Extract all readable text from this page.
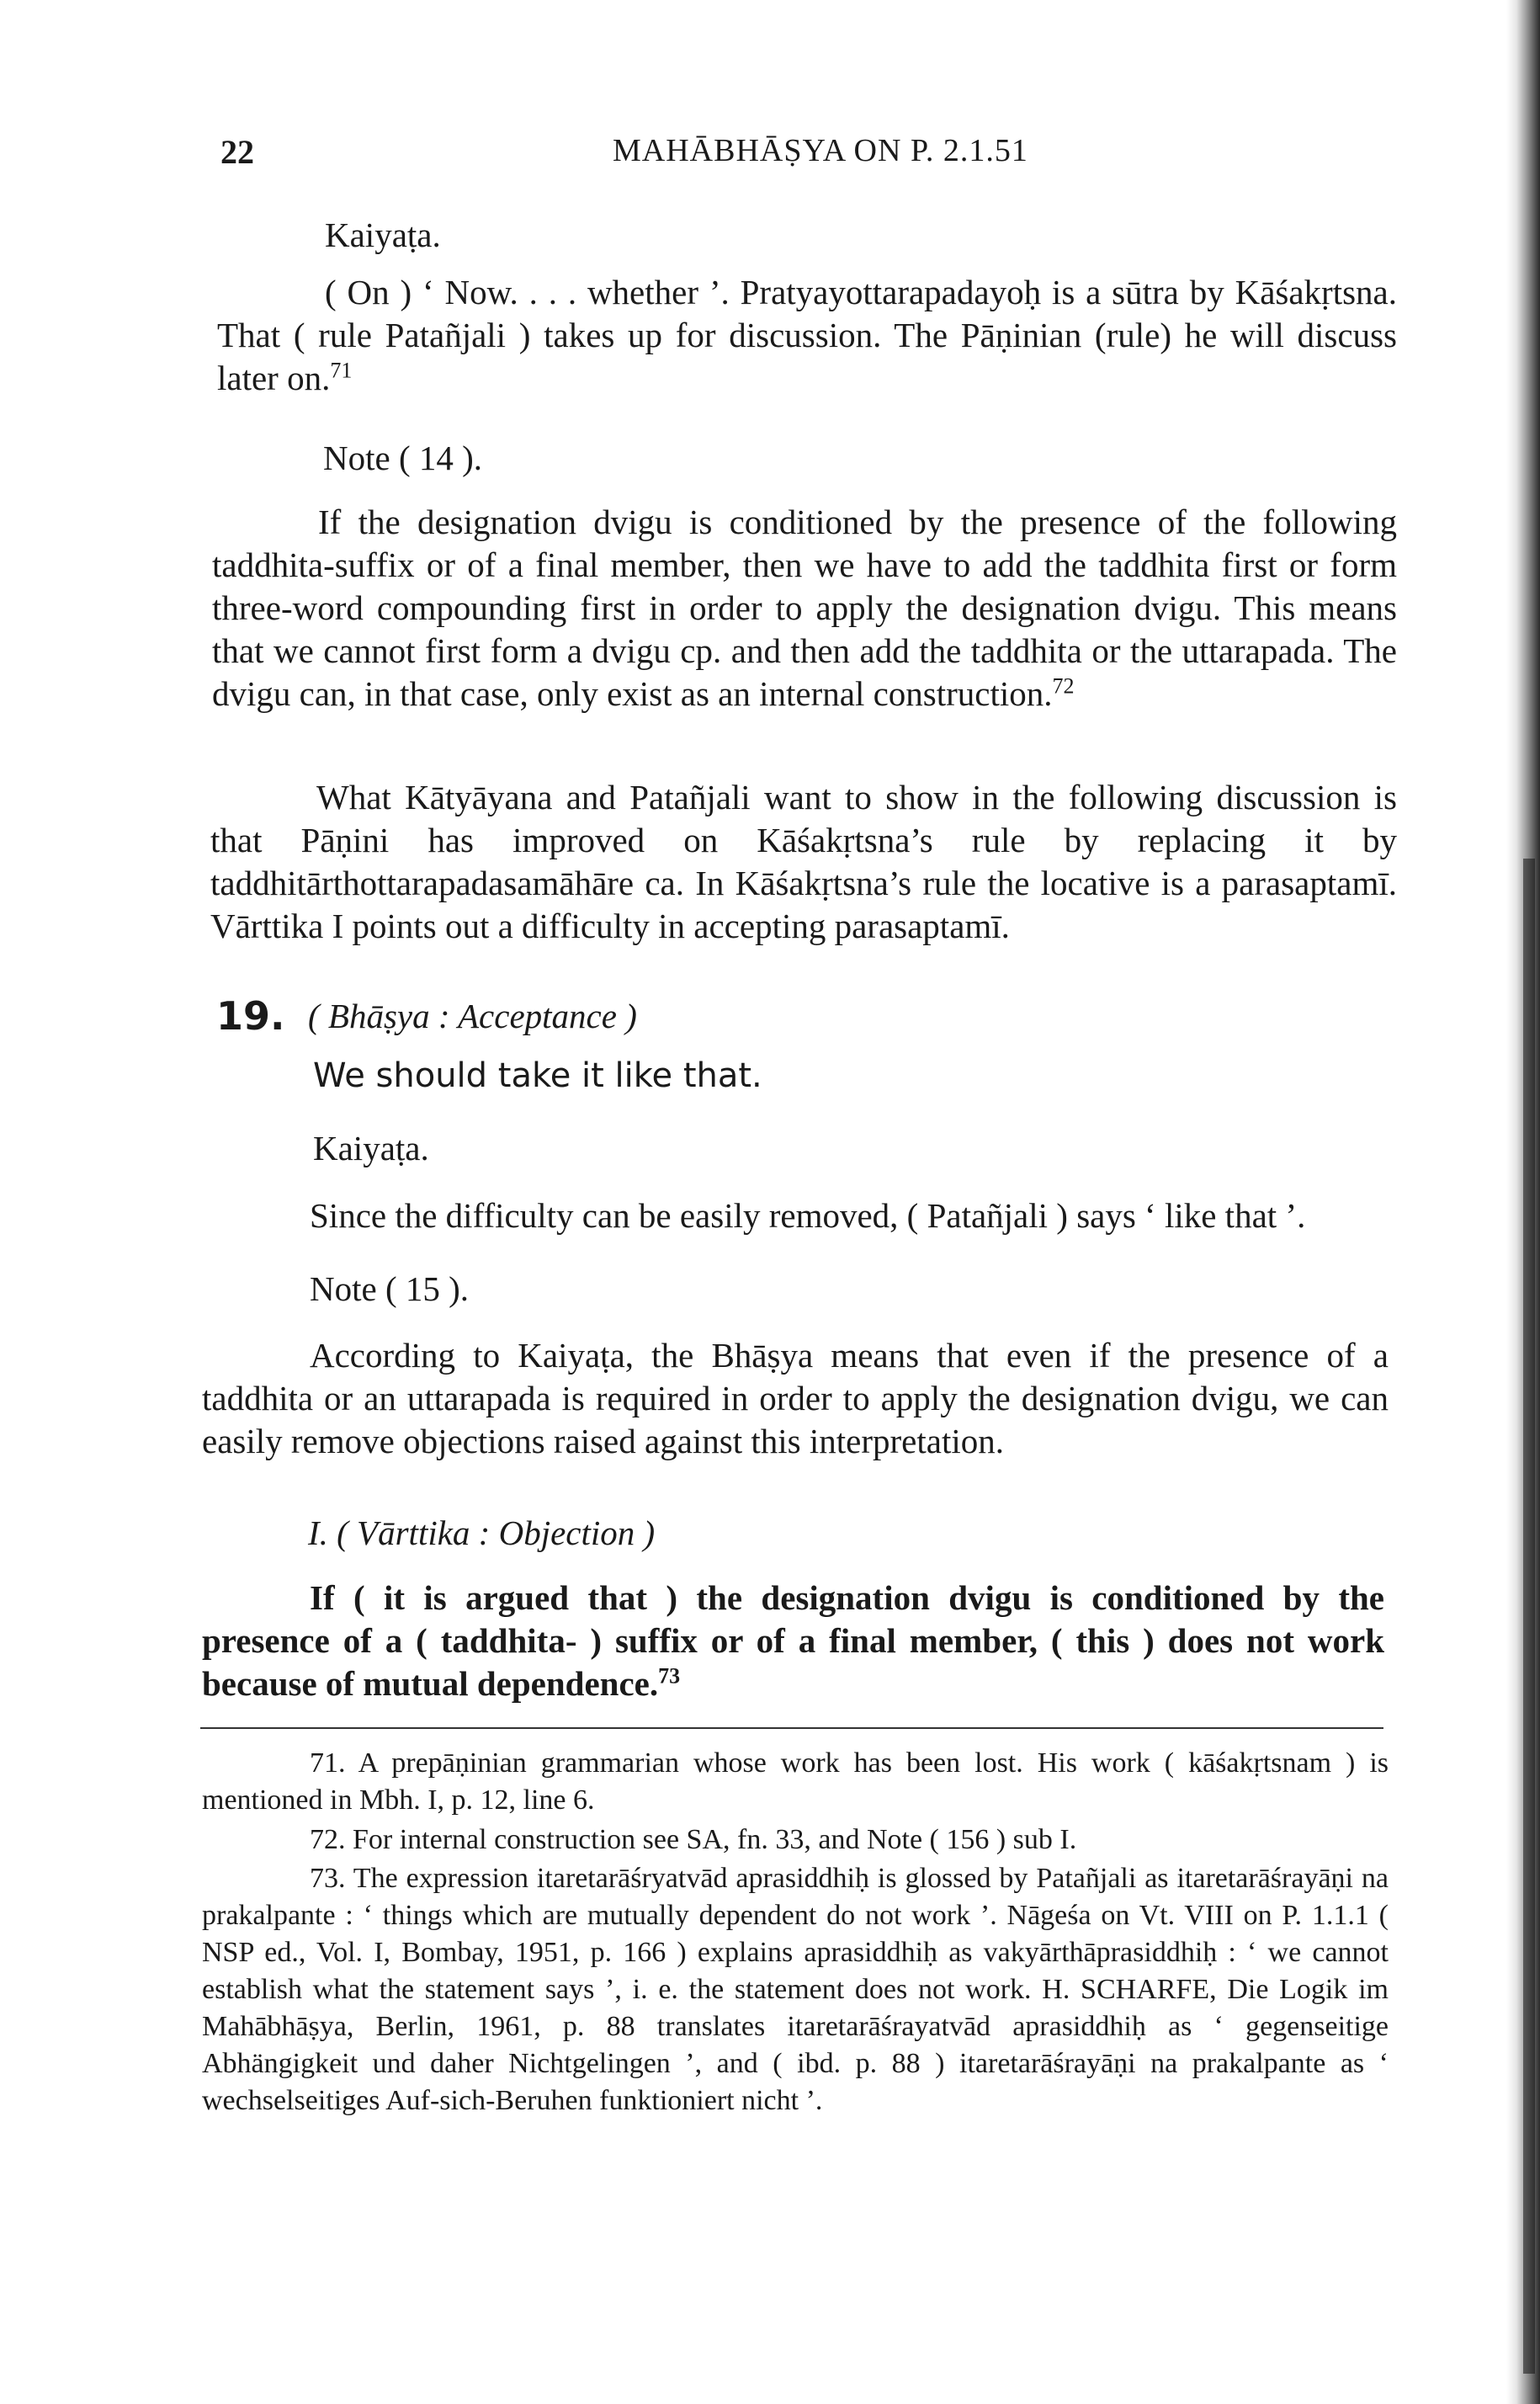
22	MAHĀBHĀṢYA ON P. 2.1.51

Kaiyaṭa.

( On ) ‘ Now. . . . whether ’. Pratyayottarapadayoḥ is a sūtra by Kāśakṛtsna. That ( rule Patañjali ) takes up for discussion. The Pāṇinian (rule) he will discuss later on.$^{71}$

Note ( 14 ).

If the designation dvigu is conditioned by the presence of the following taddhita-suffix or of a final member, then we have to add the taddhita first or form three-word compounding first in order to apply the designation dvigu. This means that we cannot first form a dvigu cp. and then add the taddhita or the uttarapada. The dvigu can, in that case, only exist as an internal construction.$^{72}$

What Kātyāyana and Patañjali want to show in the following discussion is that Pāṇini has improved on Kāśakṛtsna’s rule by replacing it by taddhitārthottarapadasamāhāre ca. In Kāśakṛtsna’s rule the locative is a parasaptamī. Vārttika I points out a difficulty in accepting parasaptamī.

19. ( Bhāṣya : Acceptance )

We should take it like that.

Kaiyaṭa.

Since the difficulty can be easily removed, ( Patañjali ) says ‘ like that ’.

Note ( 15 ).

According to Kaiyaṭa, the Bhāṣya means that even if the presence of a taddhita or an uttarapada is required in order to apply the designation dvigu, we can easily remove objections raised against this interpretation.

I. ( Vārttika : Objection )

If ( it is argued that ) the designation dvigu is conditioned by the presence of a ( taddhita- ) suffix or of a final member, ( this ) does not work because of mutual dependence.$^{73}$

71. A prepāṇinian grammarian whose work has been lost. His work ( kāśakṛtsnam ) is mentioned in Mbh. I, p. 12, line 6.

72. For internal construction see SA, fn. 33, and Note ( 156 ) sub I.

73. The expression itaretarāśryatvād aprasiddhiḥ is glossed by Patañjali as itaretarāśrayāṇi na prakalpante : ‘ things which are mutually dependent do not work ’. Nāgeśa on Vt. VIII on P. 1.1.1 ( NSP ed., Vol. I, Bombay, 1951, p. 166 ) explains aprasiddhiḥ as vakyārthāprasiddhiḥ : ‘ we cannot establish what the statement says ’, i. e. the statement does not work. H. SCHARFE, Die Logik im Mahābhāṣya, Berlin, 1961, p. 88 translates itaretarāśrayatvād aprasiddhiḥ as ‘ gegenseitige Abhängigkeit und daher Nichtgelingen ’, and ( ibd. p. 88 ) itaretarāśrayāṇi na prakalpante as ‘ wechselseitiges Auf-sich-Beruhen funktioniert nicht ’.
